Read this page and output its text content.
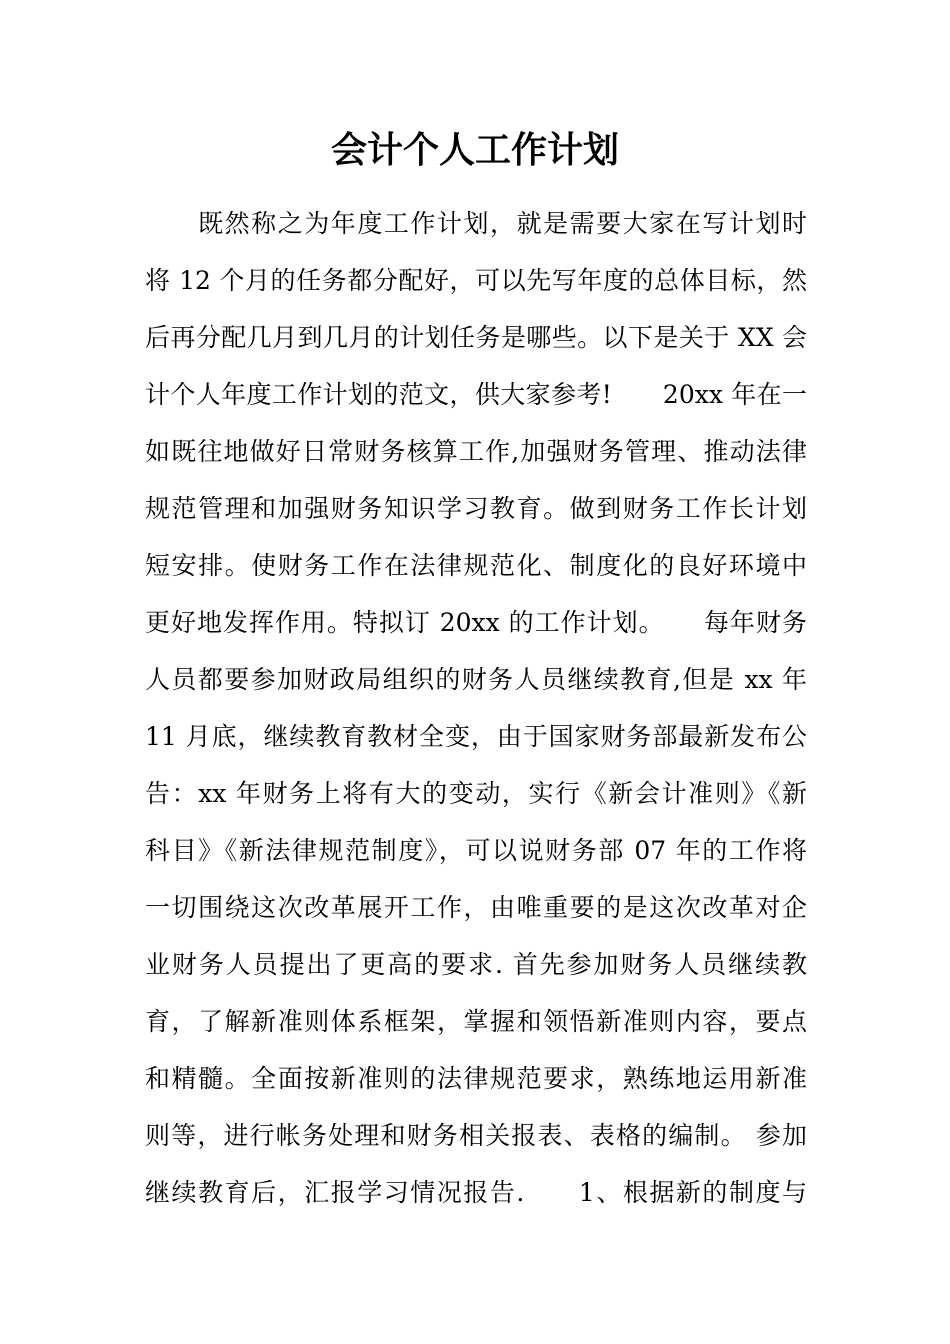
会计个人工作计划
　　既然称之为年度工作计划，就是需要大家在写计划时
将 12 个月的任务都分配好，可以先写年度的总体目标，然
后再分配几月到几月的计划任务是哪些。以下是关于 XX 会
计个人年度工作计划的范文，供大家参考!　　20xx 年在一
如既往地做好日常财务核算工作,加强财务管理、推动法律
规范管理和加强财务知识学习教育。做到财务工作长计划
短安排。使财务工作在法律规范化、制度化的良好环境中
更好地发挥作用。特拟订 20xx 的工作计划。　　每年财务
人员都要参加财政局组织的财务人员继续教育,但是 xx 年
11 月底，继续教育教材全变，由于国家财务部最新发布公
告：xx 年财务上将有大的变动，实行《新会计准则》《新
科目》《新法律规范制度》，可以说财务部 07 年的工作将
一切围绕这次改革展开工作，由唯重要的是这次改革对企
业财务人员提出了更高的要求. 首先参加财务人员继续教
育，了解新准则体系框架，掌握和领悟新准则内容，要点
和精髓。全面按新准则的法律规范要求，熟练地运用新准
则等，进行帐务处理和财务相关报表、表格的编制。 参加
继续教育后，汇报学习情况报告.　　1、根据新的制度与
